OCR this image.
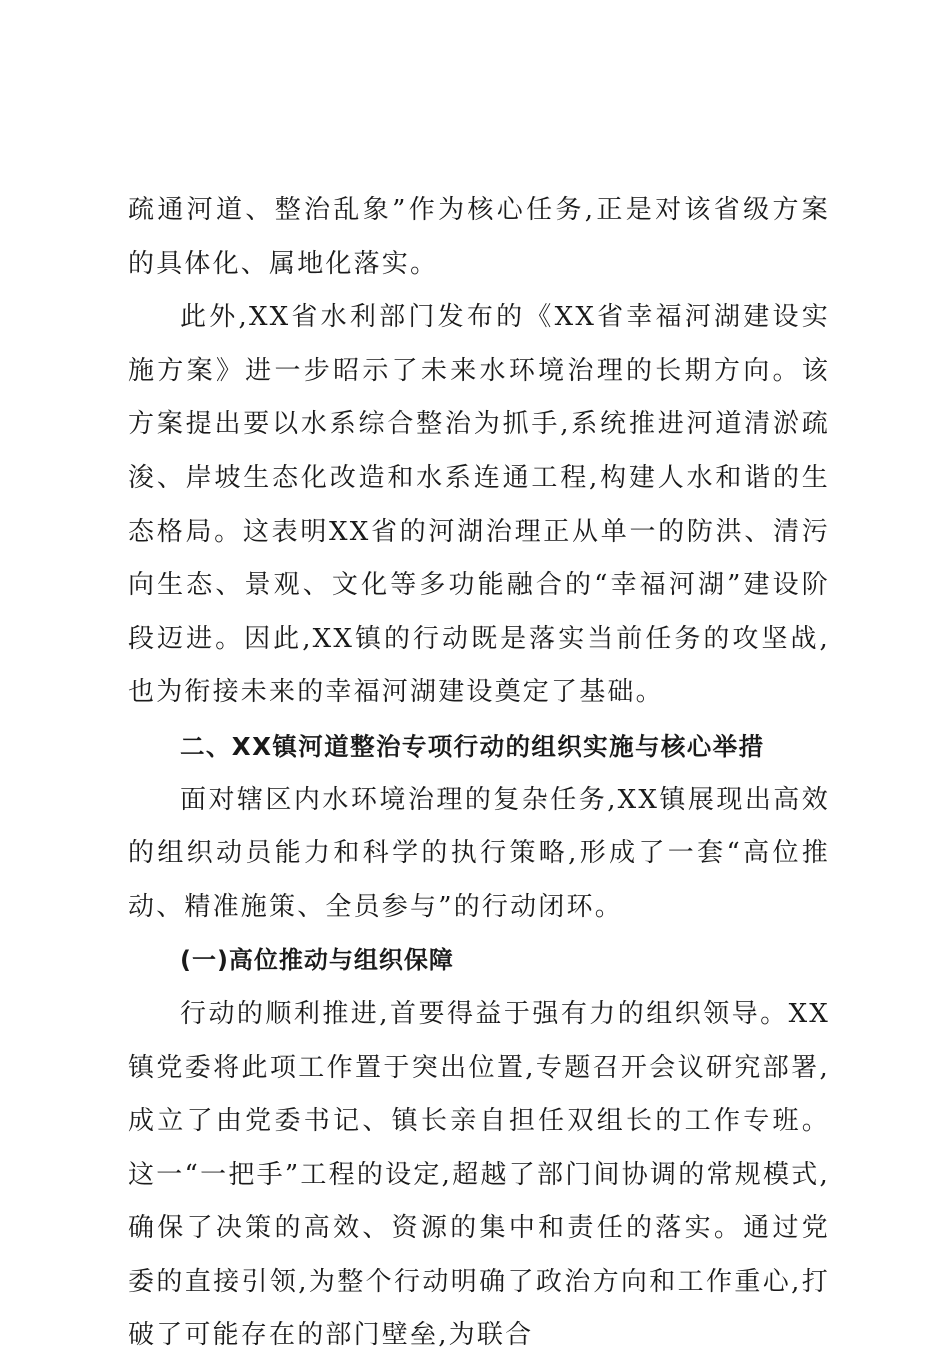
疏通河道、整治乱象”作为核心任务,正是对该省级方案的具体化、属地化落实。

此外,XX省水利部门发布的《XX省幸福河湖建设实施方案》进一步昭示了未来水环境治理的长期方向。该方案提出要以水系综合整治为抓手,系统推进河道清淤疏浚、岸坡生态化改造和水系连通工程,构建人水和谐的生态格局。这表明XX省的河湖治理正从单一的防洪、清污向生态、景观、文化等多功能融合的“幸福河湖”建设阶段迈进。因此,XX镇的行动既是落实当前任务的攻坚战,也为衔接未来的幸福河湖建设奠定了基础。

二、XX镇河道整治专项行动的组织实施与核心举措

面对辖区内水环境治理的复杂任务,XX镇展现出高效的组织动员能力和科学的执行策略,形成了一套“高位推动、精准施策、全员参与”的行动闭环。

(一)高位推动与组织保障

行动的顺利推进,首要得益于强有力的组织领导。XX镇党委将此项工作置于突出位置,专题召开会议研究部署,成立了由党委书记、镇长亲自担任双组长的工作专班。这一“一把手”工程的设定,超越了部门间协调的常规模式,确保了决策的高效、资源的集中和责任的落实。通过党委的直接引领,为整个行动明确了政治方向和工作重心,打破了可能存在的部门壁垒,为联合
